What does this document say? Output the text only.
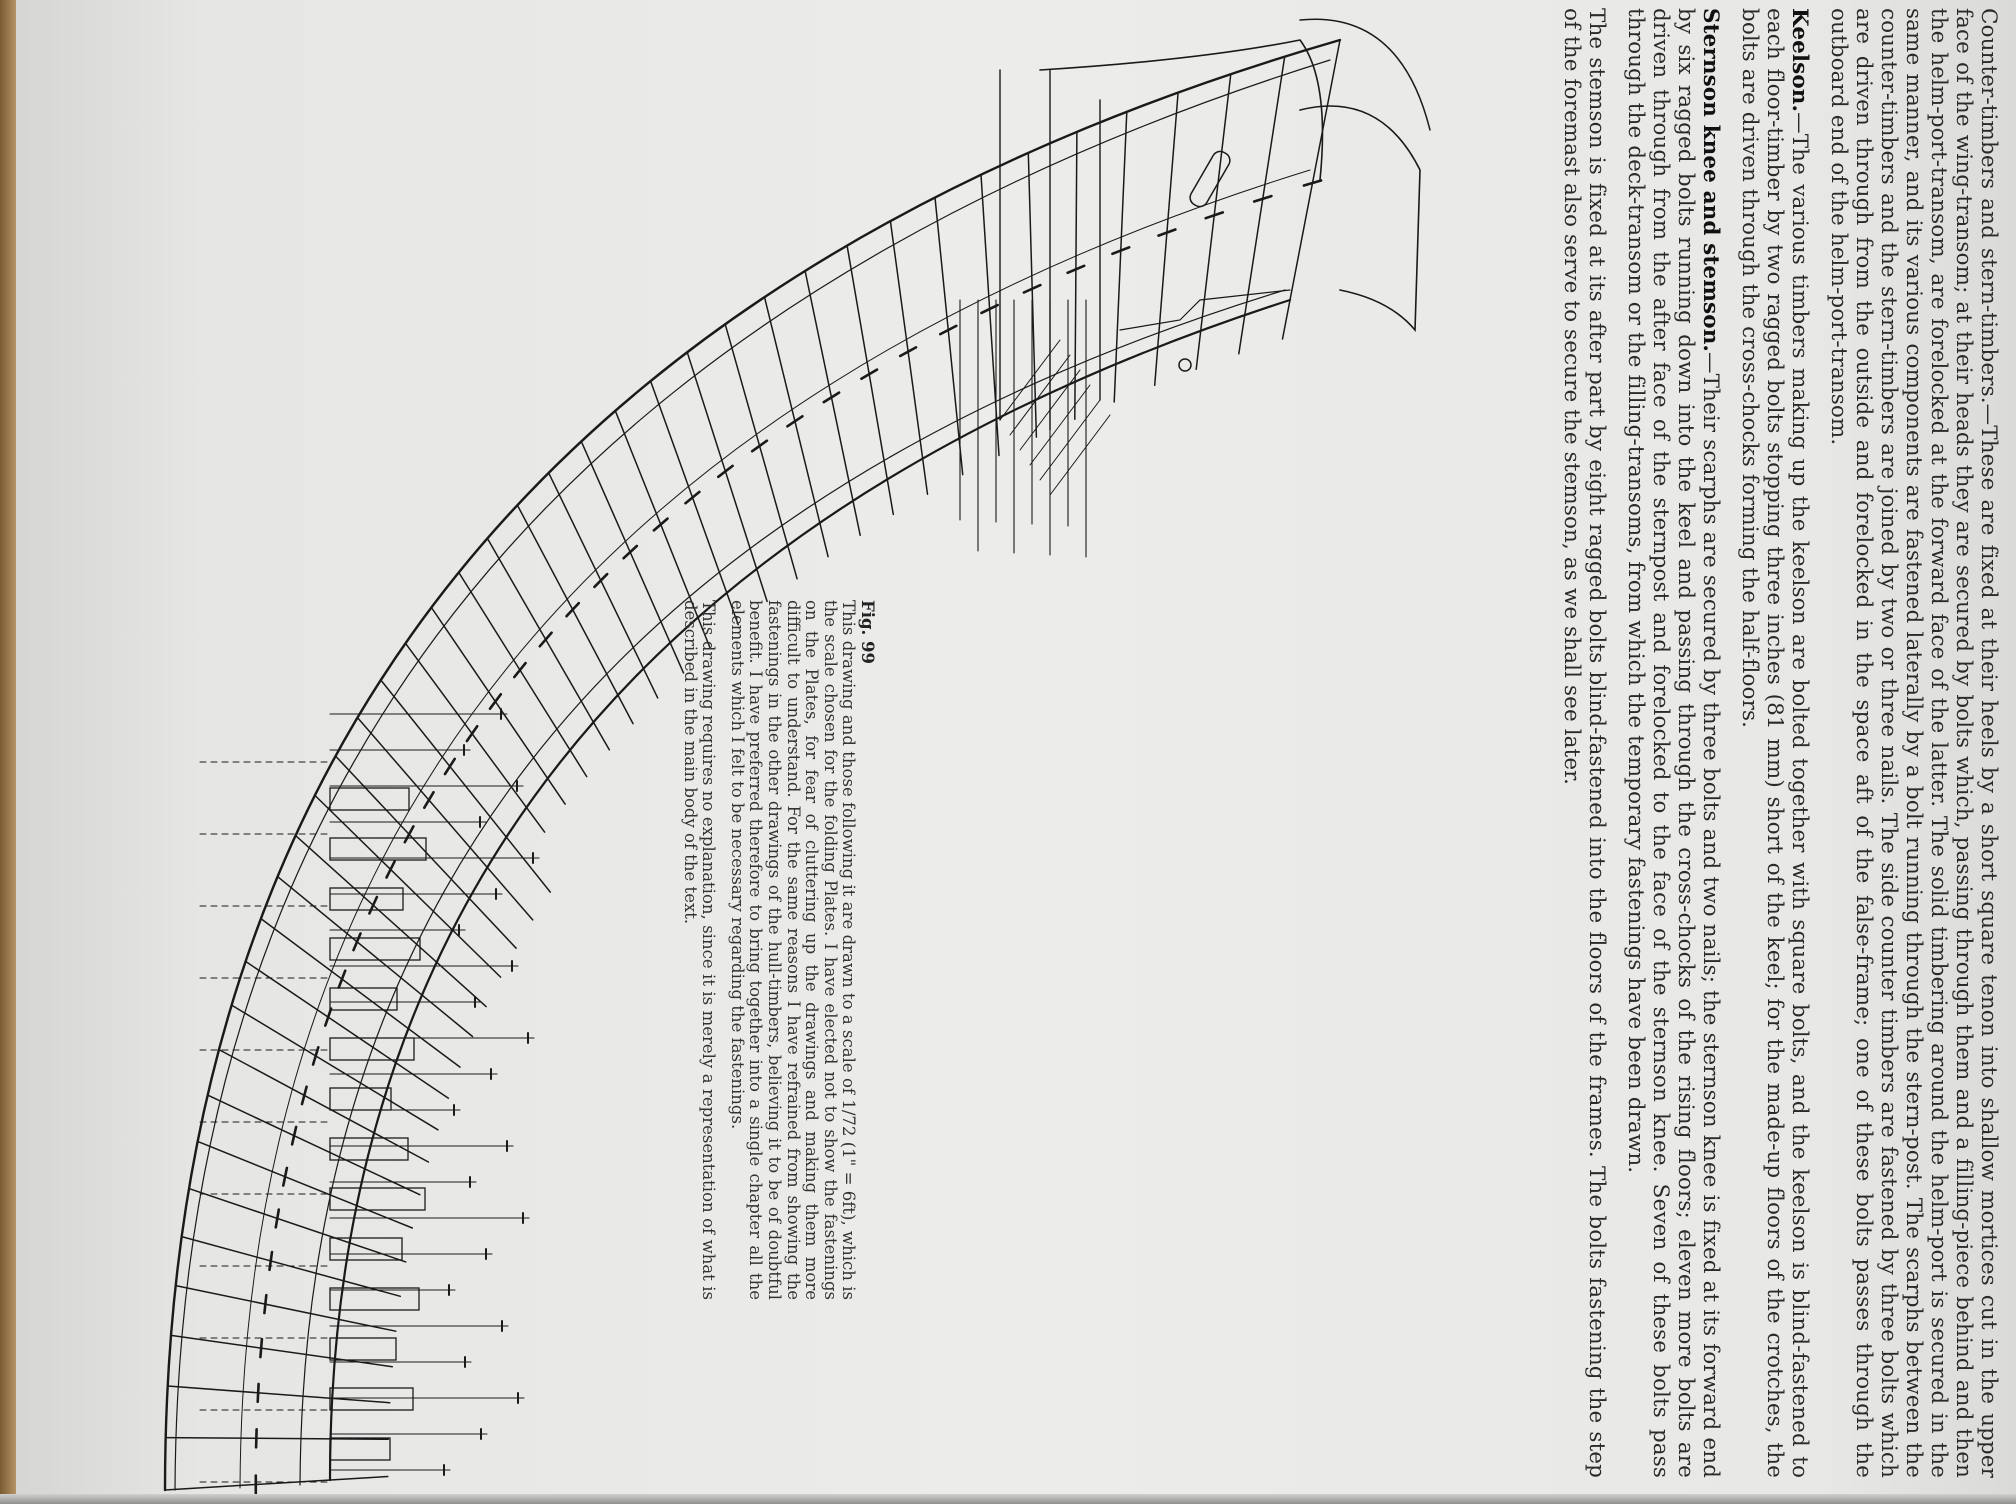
Counter-timbers and stern-timbers.—These are fixed at their heels by a short square tenon into shallow mortices cut in the upper face of the wing-transom; at their heads they are secured by bolts which, passing through them and a filling-piece behind and then the helm-port-transom, are forelocked at the forward face of the latter. The solid timbering around the helm-port is secured in the same manner, and its various components are fastened laterally by a bolt running through the stern-post. The scarphs between the counter-timbers and the stern-timbers are joined by two or three nails. The side counter timbers are fastened by three bolts which are driven through from the outside and forelocked in the space aft of the false-frame; one of these bolts passes through the outboard end of the helm-port-transom.

Keelson.—The various timbers making up the keelson are bolted together with square bolts, and the keelson is blind-fastened to each floor-timber by two ragged bolts stopping three inches (81 mm) short of the keel; for the made-up floors of the crotches, the bolts are driven through the cross-chocks forming the half-floors.

Sternson knee and stemson.—Their scarphs are secured by three bolts and two nails; the sternson knee is fixed at its forward end by six ragged bolts running down into the keel and passing through the cross-chocks of the rising floors; eleven more bolts are driven through from the after face of the sternpost and forelocked to the face of the sternson knee. Seven of these bolts pass through the deck-transom or the filling-transoms, from which the temporary fastenings have been drawn.

The stemson is fixed at its after part by eight ragged bolts blind-fastened into the floors of the frames. The bolts fastening the step of the foremast also serve to secure the stemson, as we shall see later.

Fig. 99

This drawing and those following it are drawn to a scale of 1/72 (1" = 6ft), which is the scale chosen for the folding Plates. I have elected not to show the fastenings on the Plates, for fear of cluttering up the drawings and making them more difficult to understand. For the same reasons I have refrained from showing the fastenings in the other drawings of the hull-timbers, believing it to be of doubtful benefit. I have preferred therefore to bring together into a single chapter all the elements which I felt to be necessary regarding the fastenings.

This drawing requires no explanation, since it is merely a representation of what is described in the main body of the text.
